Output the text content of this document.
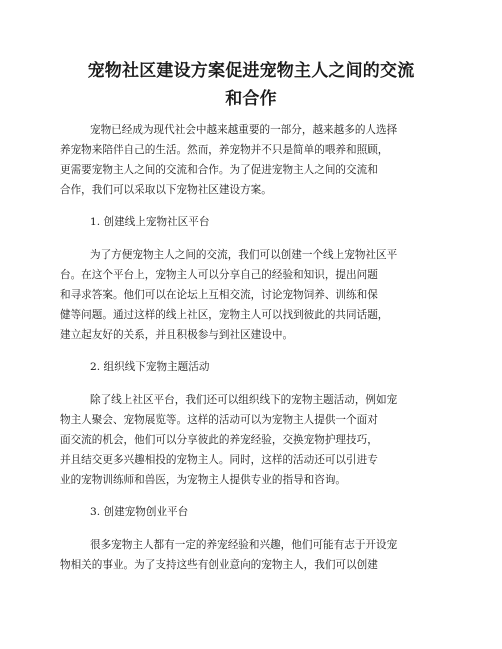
宠物社区建设方案促进宠物主人之间的交流
和合作

宠物已经成为现代社会中越来越重要的一部分，越来越多的人选择

养宠物来陪伴自己的生活。然而，养宠物并不只是简单的喂养和照顾，

更需要宠物主人之间的交流和合作。为了促进宠物主人之间的交流和

合作，我们可以采取以下宠物社区建设方案。

1. 创建线上宠物社区平台

为了方便宠物主人之间的交流，我们可以创建一个线上宠物社区平

台。在这个平台上，宠物主人可以分享自己的经验和知识，提出问题

和寻求答案。他们可以在论坛上互相交流，讨论宠物饲养、训练和保

健等问题。通过这样的线上社区，宠物主人可以找到彼此的共同话题，

建立起友好的关系，并且积极参与到社区建设中。

2. 组织线下宠物主题活动

除了线上社区平台，我们还可以组织线下的宠物主题活动，例如宠

物主人聚会、宠物展览等。这样的活动可以为宠物主人提供一个面对

面交流的机会，他们可以分享彼此的养宠经验，交换宠物护理技巧，

并且结交更多兴趣相投的宠物主人。同时，这样的活动还可以引进专

业的宠物训练师和兽医，为宠物主人提供专业的指导和咨询。

3. 创建宠物创业平台

很多宠物主人都有一定的养宠经验和兴趣，他们可能有志于开设宠

物相关的事业。为了支持这些有创业意向的宠物主人，我们可以创建
